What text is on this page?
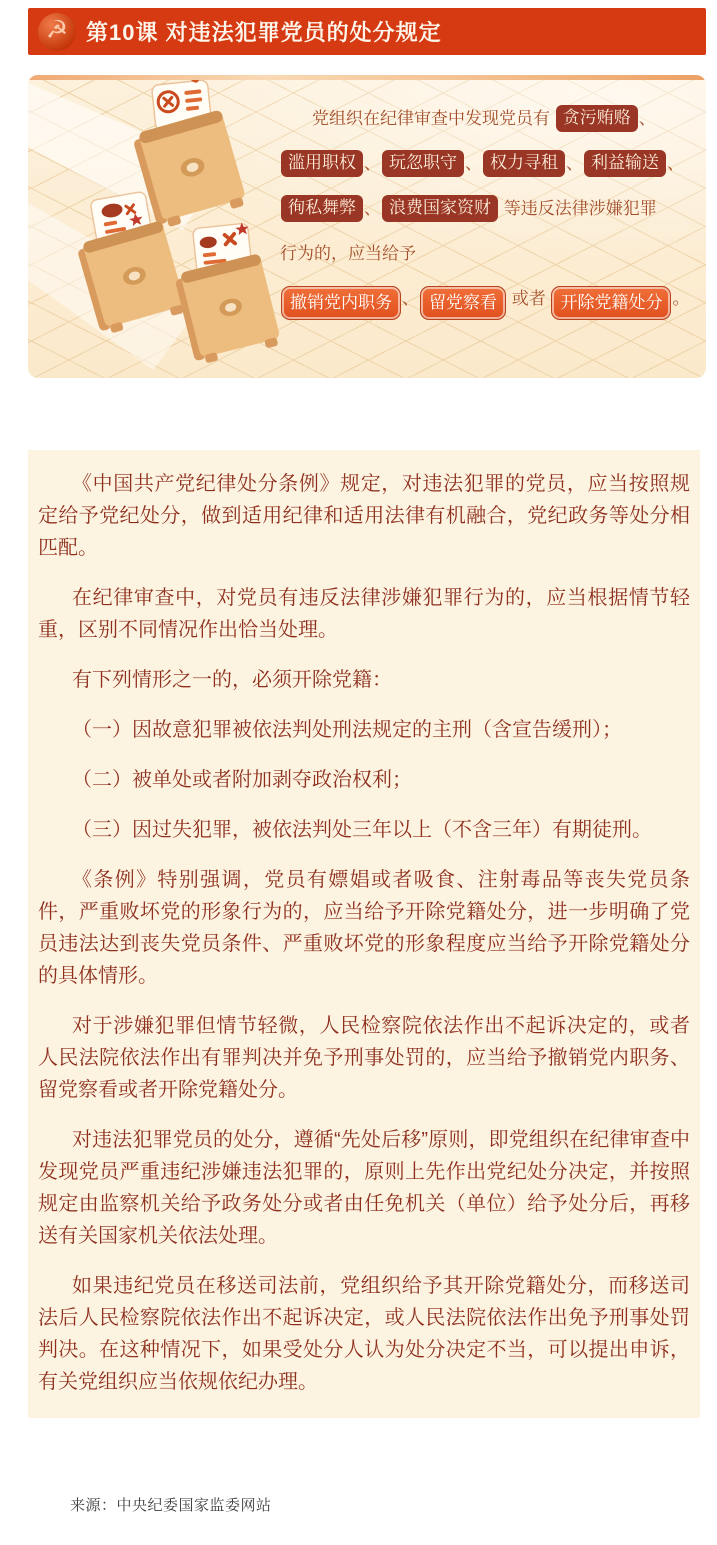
☭ 第10课 对违法犯罪党员的处分规定
党组织在纪律审查中发现党员有 贪污贿赂 、
滥用职权 、 玩忽职守 、 权力寻租 、 利益输送 、
徇私舞弊 、 浪费国家资财 等违反法律涉嫌犯罪
行为的，应当给予
撤销党内职务 、 留党察看 或者 开除党籍处分 。

《中国共产党纪律处分条例》规定，对违法犯罪的党员，应当按照规定给予党纪处分，做到适用纪律和适用法律有机融合，党纪政务等处分相匹配。

在纪律审查中，对党员有违反法律涉嫌犯罪行为的，应当根据情节轻重，区别不同情况作出恰当处理。

有下列情形之一的，必须开除党籍：

（一）因故意犯罪被依法判处刑法规定的主刑（含宣告缓刑）；

（二）被单处或者附加剥夺政治权利；

（三）因过失犯罪，被依法判处三年以上（不含三年）有期徒刑。

《条例》特别强调，党员有嫖娼或者吸食、注射毒品等丧失党员条件，严重败坏党的形象行为的，应当给予开除党籍处分，进一步明确了党员违法达到丧失党员条件、严重败坏党的形象程度应当给予开除党籍处分的具体情形。

对于涉嫌犯罪但情节轻微，人民检察院依法作出不起诉决定的，或者人民法院依法作出有罪判决并免予刑事处罚的，应当给予撤销党内职务、留党察看或者开除党籍处分。

对违法犯罪党员的处分，遵循“先处后移”原则，即党组织在纪律审查中发现党员严重违纪涉嫌违法犯罪的，原则上先作出党纪处分决定，并按照规定由监察机关给予政务处分或者由任免机关（单位）给予处分后，再移送有关国家机关依法处理。

如果违纪党员在移送司法前，党组织给予其开除党籍处分，而移送司法后人民检察院依法作出不起诉决定，或人民法院依法作出免予刑事处罚判决。在这种情况下，如果受处分人认为处分决定不当，可以提出申诉，有关党组织应当依规依纪办理。

来源：中央纪委国家监委网站
